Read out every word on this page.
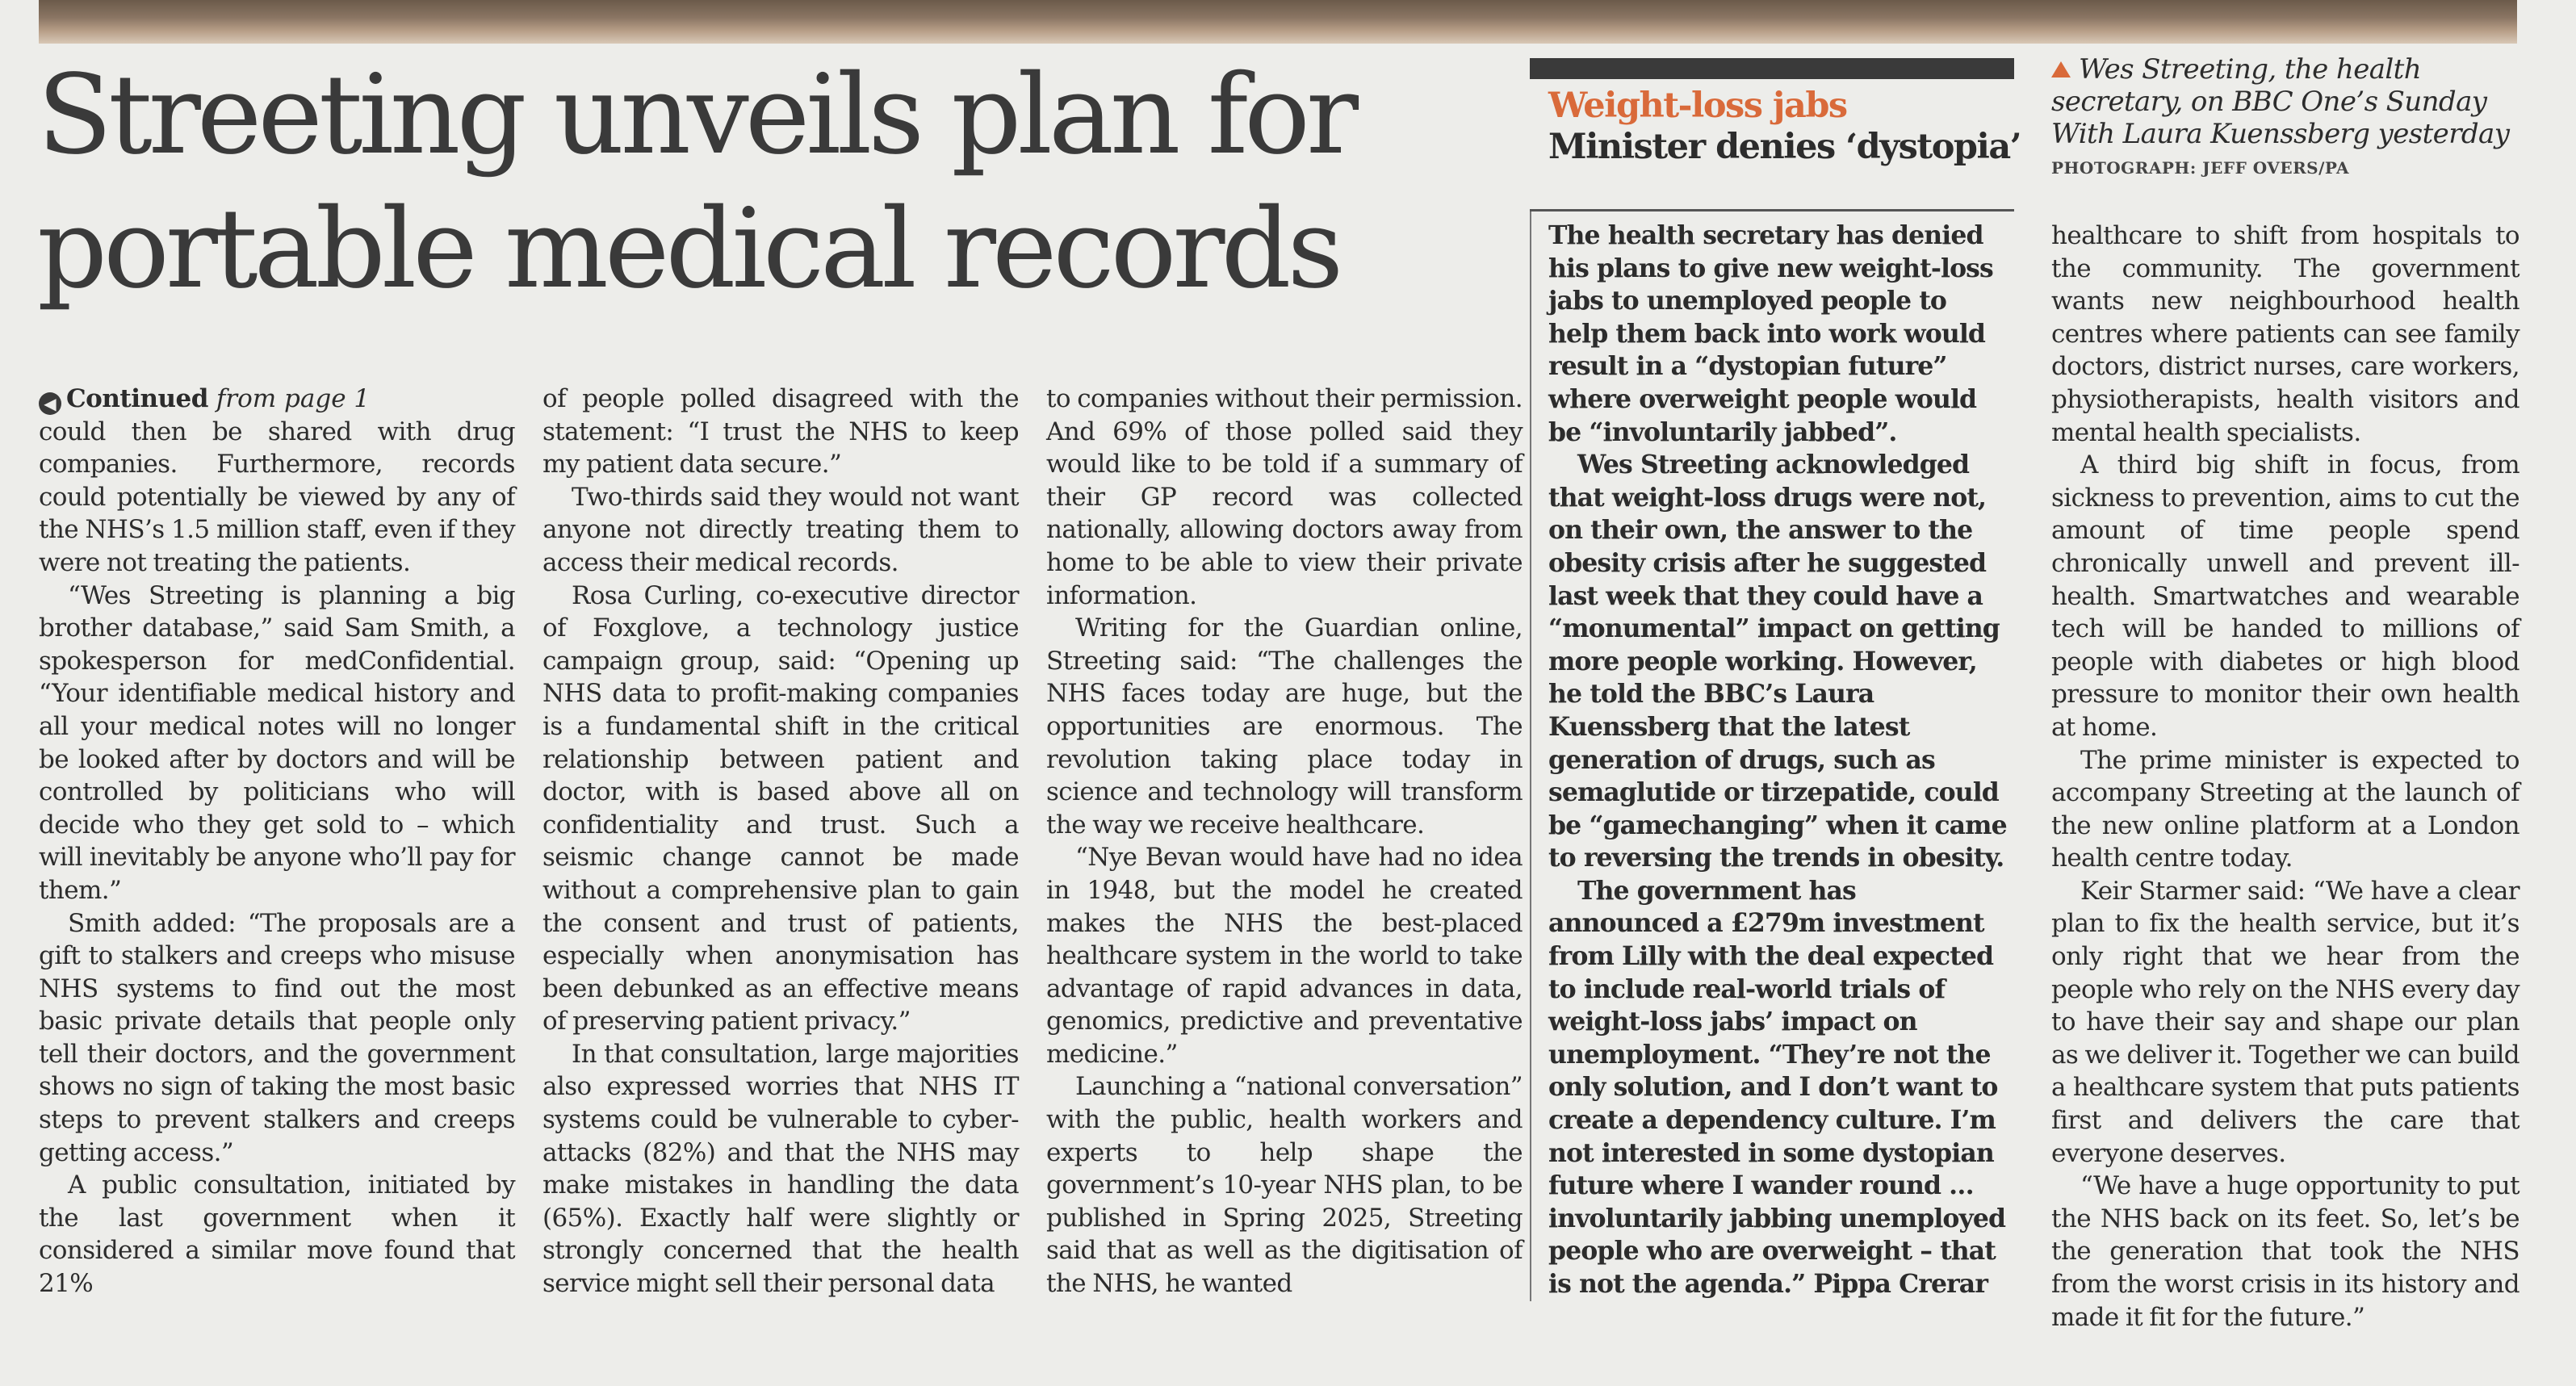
Streeting unveils plan for portable medical records
◀ Continued from page 1

could then be shared with drug companies. Furthermore, records could potentially be viewed by any of the NHS’s 1.5 million staff, even if they were not treating the patients.

“Wes Streeting is planning a big brother database,” said Sam Smith, a spokesperson for medConfidential. “Your identifiable medical history and all your medical notes will no longer be looked after by doctors and will be controlled by politicians who will decide who they get sold to – which will inevitably be anyone who’ll pay for them.”

Smith added: “The proposals are a gift to stalkers and creeps who misuse NHS systems to find out the most basic private details that people only tell their doctors, and the government shows no sign of taking the most basic steps to prevent stalkers and creeps getting access.”

A public consultation, initiated by the last government when it considered a similar move found that 21%

of people polled disagreed with the statement: “I trust the NHS to keep my patient data secure.”

Two-thirds said they would not want anyone not directly treating them to access their medical records.

Rosa Curling, co-executive director of Foxglove, a technology justice campaign group, said: “Opening up NHS data to profit-making companies is a fundamental shift in the critical relationship between patient and doctor, with is based above all on confidentiality and trust. Such a seismic change cannot be made without a comprehensive plan to gain the consent and trust of patients, especially when anonymisation has been debunked as an effective means of preserving patient privacy.”

In that consultation, large majorities also expressed worries that NHS IT systems could be vulnerable to cyber-attacks (82%) and that the NHS may make mistakes in handling the data (65%). Exactly half were slightly or strongly concerned that the health service might sell their personal data

to companies without their permission. And 69% of those polled said they would like to be told if a summary of their GP record was collected nationally, allowing doctors away from home to be able to view their private information.

Writing for the Guardian online, Streeting said: “The challenges the NHS faces today are huge, but the opportunities are enormous. The revolution taking place today in science and technology will transform the way we receive healthcare.

“Nye Bevan would have had no idea in 1948, but the model he created makes the NHS the best-placed healthcare system in the world to take advantage of rapid advances in data, genomics, predictive and preventative medicine.”

Launching a “national conversation” with the public, health workers and experts to help shape the government’s 10-year NHS plan, to be published in Spring 2025, Streeting said that as well as the digitisation of the NHS, he wanted

Weight-loss jabs
Minister denies ‘dystopia’

The health secretary has denied his plans to give new weight-loss jabs to unemployed people to help them back into work would result in a “dystopian future” where overweight people would be “involuntarily jabbed”.

Wes Streeting acknowledged that weight-loss drugs were not, on their own, the answer to the obesity crisis after he suggested last week that they could have a “monumental” impact on getting more people working. However, he told the BBC’s Laura Kuenssberg that the latest generation of drugs, such as semaglutide or tirzepatide, could be “gamechanging” when it came to reversing the trends in obesity.

The government has announced a £279m investment from Lilly with the deal expected to include real-world trials of weight-loss jabs’ impact on unemployment. “They’re not the only solution, and I don’t want to create a dependency culture. I’m not interested in some dystopian future where I wander round … involuntarily jabbing unemployed people who are overweight – that is not the agenda.” Pippa Crerar

Wes Streeting, the health secretary, on BBC One’s Sunday With Laura Kuenssberg yesterday
PHOTOGRAPH: JEFF OVERS/PA

healthcare to shift from hospitals to the community. The government wants new neighbourhood health centres where patients can see family doctors, district nurses, care workers, physiotherapists, health visitors and mental health specialists.

A third big shift in focus, from sickness to prevention, aims to cut the amount of time people spend chronically unwell and prevent ill-health. Smartwatches and wearable tech will be handed to millions of people with diabetes or high blood pressure to monitor their own health at home.

The prime minister is expected to accompany Streeting at the launch of the new online platform at a London health centre today.

Keir Starmer said: “We have a clear plan to fix the health service, but it’s only right that we hear from the people who rely on the NHS every day to have their say and shape our plan as we deliver it. Together we can build a healthcare system that puts patients first and delivers the care that everyone deserves.

“We have a huge opportunity to put the NHS back on its feet. So, let’s be the generation that took the NHS from the worst crisis in its history and made it fit for the future.”
